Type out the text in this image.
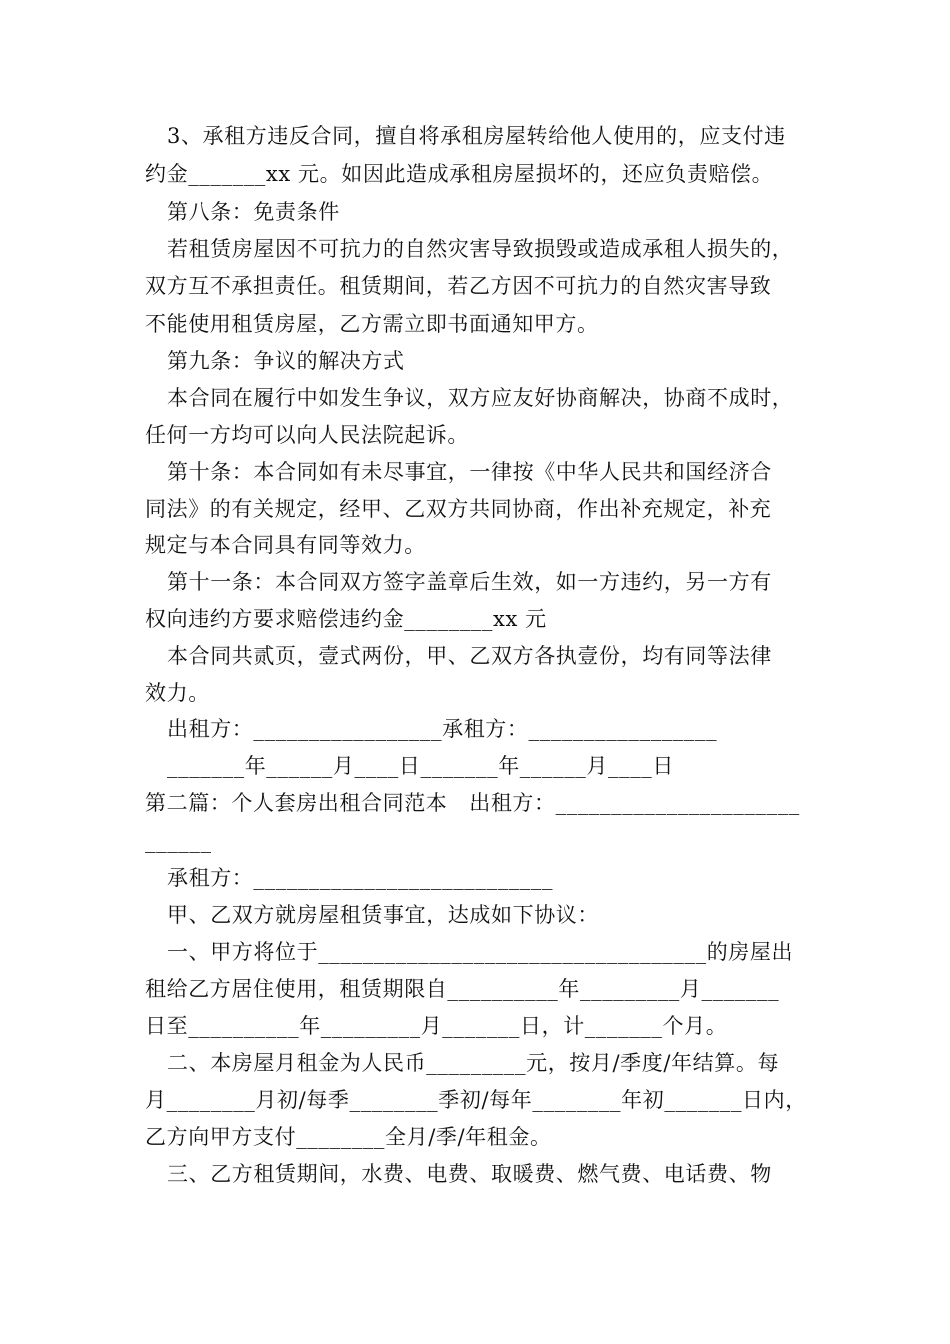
3、承租方违反合同，擅自将承租房屋转给他人使用的，应支付违
约金_______xx 元。如因此造成承租房屋损坏的，还应负责赔偿。
第八条：免责条件
若租赁房屋因不可抗力的自然灾害导致损毁或造成承租人损失的，
双方互不承担责任。租赁期间，若乙方因不可抗力的自然灾害导致
不能使用租赁房屋，乙方需立即书面通知甲方。
第九条：争议的解决方式
本合同在履行中如发生争议，双方应友好协商解决，协商不成时，
任何一方均可以向人民法院起诉。
第十条：本合同如有未尽事宜，一律按《中华人民共和国经济合
同法》的有关规定，经甲、乙双方共同协商，作出补充规定，补充
规定与本合同具有同等效力。
第十一条：本合同双方签字盖章后生效，如一方违约，另一方有
权向违约方要求赔偿违约金________xx 元
本合同共贰页，壹式两份，甲、乙双方各执壹份，均有同等法律
效力。
出租方：_________________承租方：_________________
_______年______月____日_______年______月____日
第二篇：个人套房出租合同范本   出租方：______________________
______
承租方：___________________________
甲、乙双方就房屋租赁事宜，达成如下协议：
一、甲方将位于___________________________________的房屋出
租给乙方居住使用，租赁期限自__________年_________月_______
日至__________年_________月_______日，计_______个月。
二、本房屋月租金为人民币_________元，按月/季度/年结算。每
月________月初/每季________季初/每年________年初_______日内，
乙方向甲方支付________全月/季/年租金。
三、乙方租赁期间，水费、电费、取暖费、燃气费、电话费、物
